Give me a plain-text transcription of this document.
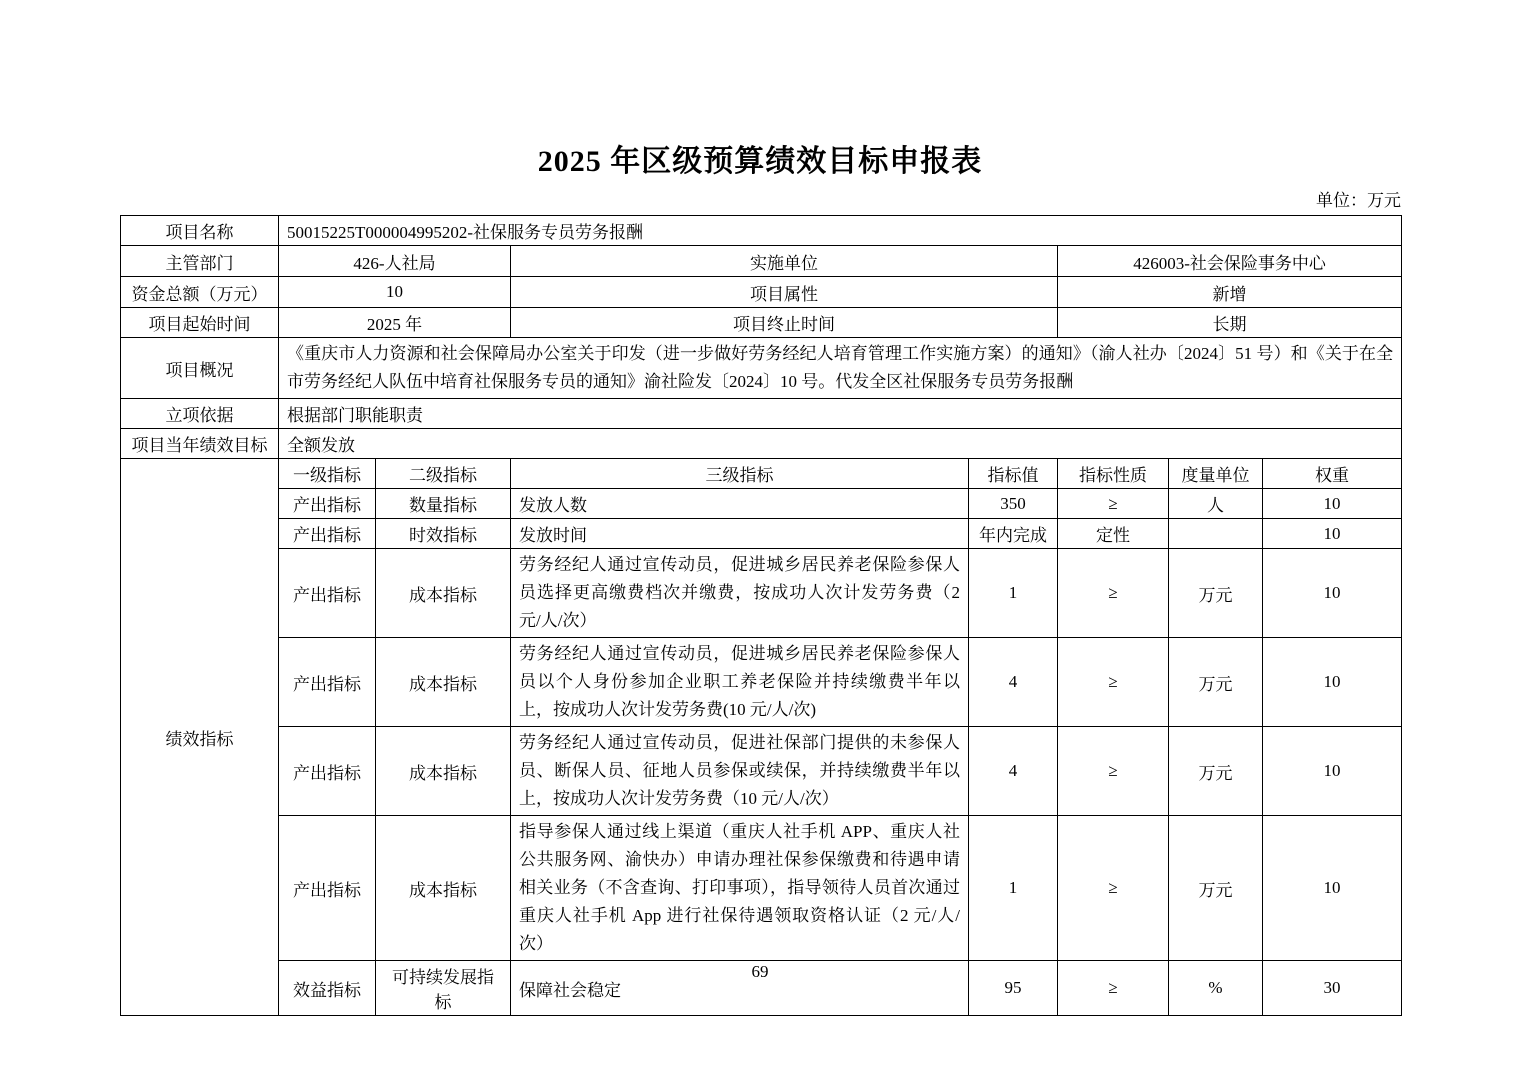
2025 年区级预算绩效目标申报表
单位：万元
项目名称	50015225T000004995202-社保服务专员劳务报酬						
主管部门	426-人社局		实施单位		426003-社会保险事务中心		
资金总额（万元）	10		项目属性		新增		
项目起始时间	2025 年		项目终止时间		长期		
项目概况	《重庆市人力资源和社会保障局办公室关于印发（进一步做好劳务经纪人培育管理工作实施方案）的通知》（渝人社办〔2024〕51 号）和《关于在全市劳务经纪人队伍中培育社保服务专员的通知》渝社险发〔2024〕10 号。代发全区社保服务专员劳务报酬						
立项依据	根据部门职能职责						
项目当年绩效目标	全额发放						
绩效指标	一级指标	二级指标	三级指标	指标值	指标性质	度量单位	权重
	产出指标	数量指标	发放人数	350	≥	人	10
	产出指标	时效指标	发放时间	年内完成	定性		10
	产出指标	成本指标	劳务经纪人通过宣传动员，促进城乡居民养老保险参保人员选择更高缴费档次并缴费，按成功人次计发劳务费（2 元/人/次）	1	≥	万元	10
	产出指标	成本指标	劳务经纪人通过宣传动员，促进城乡居民养老保险参保人员以个人身份参加企业职工养老保险并持续缴费半年以上，按成功人次计发劳务费(10 元/人/次)	4	≥	万元	10
	产出指标	成本指标	劳务经纪人通过宣传动员，促进社保部门提供的未参保人员、断保人员、征地人员参保或续保，并持续缴费半年以上，按成功人次计发劳务费（10 元/人/次）	4	≥	万元	10
	产出指标	成本指标	指导参保人通过线上渠道（重庆人社手机 APP、重庆人社公共服务网、渝快办）申请办理社保参保缴费和待遇申请相关业务（不含查询、打印事项），指导领待人员首次通过重庆人社手机 App 进行社保待遇领取资格认证（2 元/人/次）	1	≥	万元	10
	效益指标	可持续发展指标	保障社会稳定	95	≥	%	30
69
